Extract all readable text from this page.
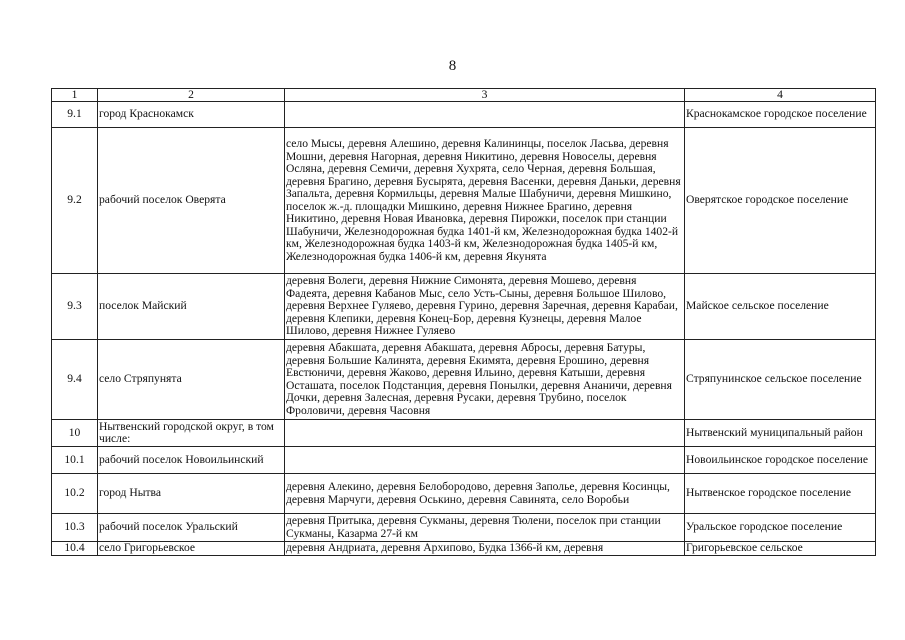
8
1	2	3	4
9.1	город Краснокамск		Краснокамское городское поселение
9.2	рабочий поселок Оверята	село Мысы, деревня Алешино, деревня Калининцы, поселок Ласьва, деревня Мошни, деревня Нагорная, деревня Никитино, деревня Новоселы, деревня Осляна, деревня Семичи, деревня Хухрята, село Черная, деревня Большая, деревня Брагино, деревня Бусырята, деревня Васенки, деревня Даньки, деревня Запальта, деревня Кормильцы, деревня Малые Шабуничи, деревня Мишкино, поселок ж.-д. площадки Мишкино, деревня Нижнее Брагино, деревня Никитино, деревня Новая Ивановка, деревня Пирожки, поселок при станции Шабуничи, Железнодорожная будка 1401-й км, Железнодорожная будка 1402-й км, Железнодорожная будка 1403-й км, Железнодорожная будка 1405-й км, Железнодорожная будка 1406-й км, деревня Якунята	Оверятское городское поселение
9.3	поселок Майский	деревня Волеги, деревня Нижние Симонята, деревня Мошево, деревня Фадеята, деревня Кабанов Мыс, село Усть-Сыны, деревня Большое Шилово, деревня Верхнее Гуляево, деревня Гурино, деревня Заречная, деревня Карабаи, деревня Клепики, деревня Конец-Бор, деревня Кузнецы, деревня Малое Шилово, деревня Нижнее Гуляево	Майское сельское поселение
9.4	село Стряпунята	деревня Абакшата, деревня Абакшата, деревня Абросы, деревня Батуры, деревня Большие Калинята, деревня Екимята, деревня Ерошино, деревня Евстюничи, деревня Жаково, деревня Ильино, деревня Катыши, деревня Осташата, поселок Подстанция, деревня Понылки, деревня Ананичи, деревня Дочки, деревня Залесная, деревня Русаки, деревня Трубино, поселок Фроловичи, деревня Часовня	Стряпунинское сельское поселение
10	Нытвенский городской округ, в том числе:		Нытвенский муниципальный район
10.1	рабочий поселок Новоильинский		Новоильинское городское поселение
10.2	город Нытва	деревня Алекино, деревня Белобородово, деревня Заполье, деревня Косинцы, деревня Марчуги, деревня Оськино, деревня Савинята, село Воробьи	Нытвенское городское поселение
10.3	рабочий поселок Уральский	деревня Притыка, деревня Сукманы, деревня Тюлени, поселок при станции Сукманы, Казарма 27-й км	Уральское городское поселение
10.4	село Григорьевское	деревня Андриата, деревня Архипово, Будка 1366-й км, деревня	Григорьевское сельское
